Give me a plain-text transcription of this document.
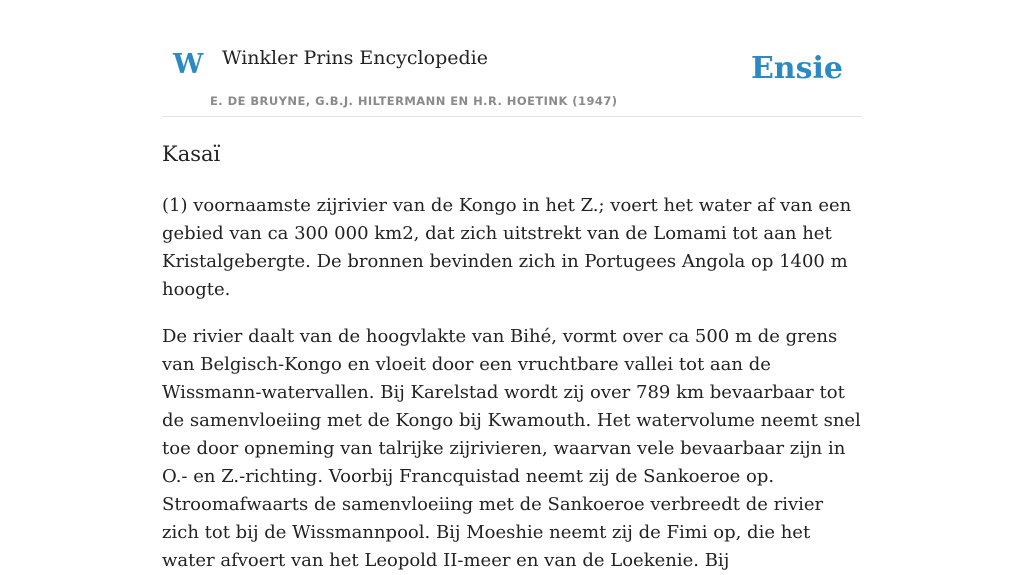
W Winkler Prins Encyclopedie
E. DE BRUYNE, G.B.J. HILTERMANN EN H.R. HOETINK (1947)
Ensie
Kasaï

(1) voornaamste zijrivier van de Kongo in het Z.; voert het water af van een gebied van ca 300 000 km2, dat zich uitstrekt van de Lomami tot aan het Kristalgebergte. De bronnen bevinden zich in Portugees Angola op 1400 m hoogte.

De rivier daalt van de hoogvlakte van Bihé, vormt over ca 500 m de grens van Belgisch-Kongo en vloeit door een vruchtbare vallei tot aan de Wissmann-watervallen. Bij Karelstad wordt zij over 789 km bevaarbaar tot de samenvloeiing met de Kongo bij Kwamouth. Het watervolume neemt snel toe door opneming van talrijke zijrivieren, waarvan vele bevaarbaar zijn in O.- en Z.-richting. Voorbij Francquistad neemt zij de Sankoeroe op. Stroomafwaarts de samenvloeiing met de Sankoeroe verbreedt de rivier zich tot bij de Wissmannpool. Bij Moeshie neemt zij de Fimi op, die het water afvoert van het Leopold II-meer en van de Loekenie. Bij
